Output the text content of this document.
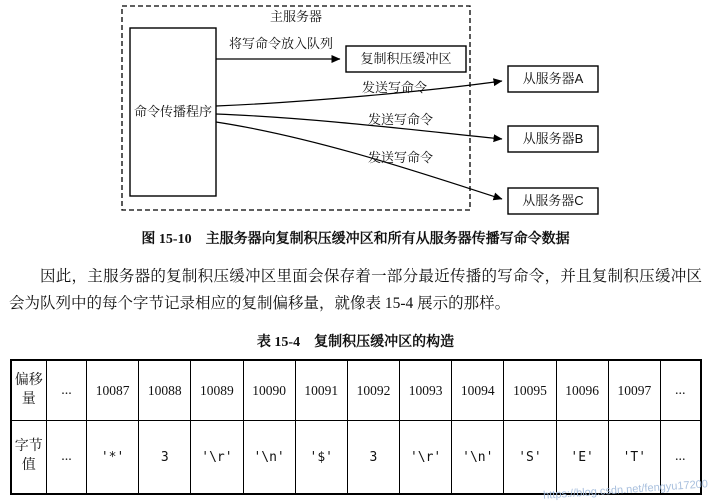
主服务器
命令传播程序
复制积压缓冲区
将写命令放入队列
发送写命令
发送写命令
发送写命令
从服务器A
从服务器B
从服务器C
图 15-10　主服务器向复制积压缓冲区和所有从服务器传播写命令数据

因此，主服务器的复制积压缓冲区里面会保存着一部分最近传播的写命令，并且复制积压缓冲区会为队列中的每个字节记录相应的复制偏移量，就像表 15-4 展示的那样。

表 15-4　复制积压缓冲区的构造
偏移量	...	10087	10088	10089	10090	10091	10092	10093	10094	10095	10096	10097	...
字节值	...	'*'	3	'\r'	'\n'	'$'	3	'\r'	'\n'	'S'	'E'	'T'	...
https://blog.csdn.net/fengyu17200
